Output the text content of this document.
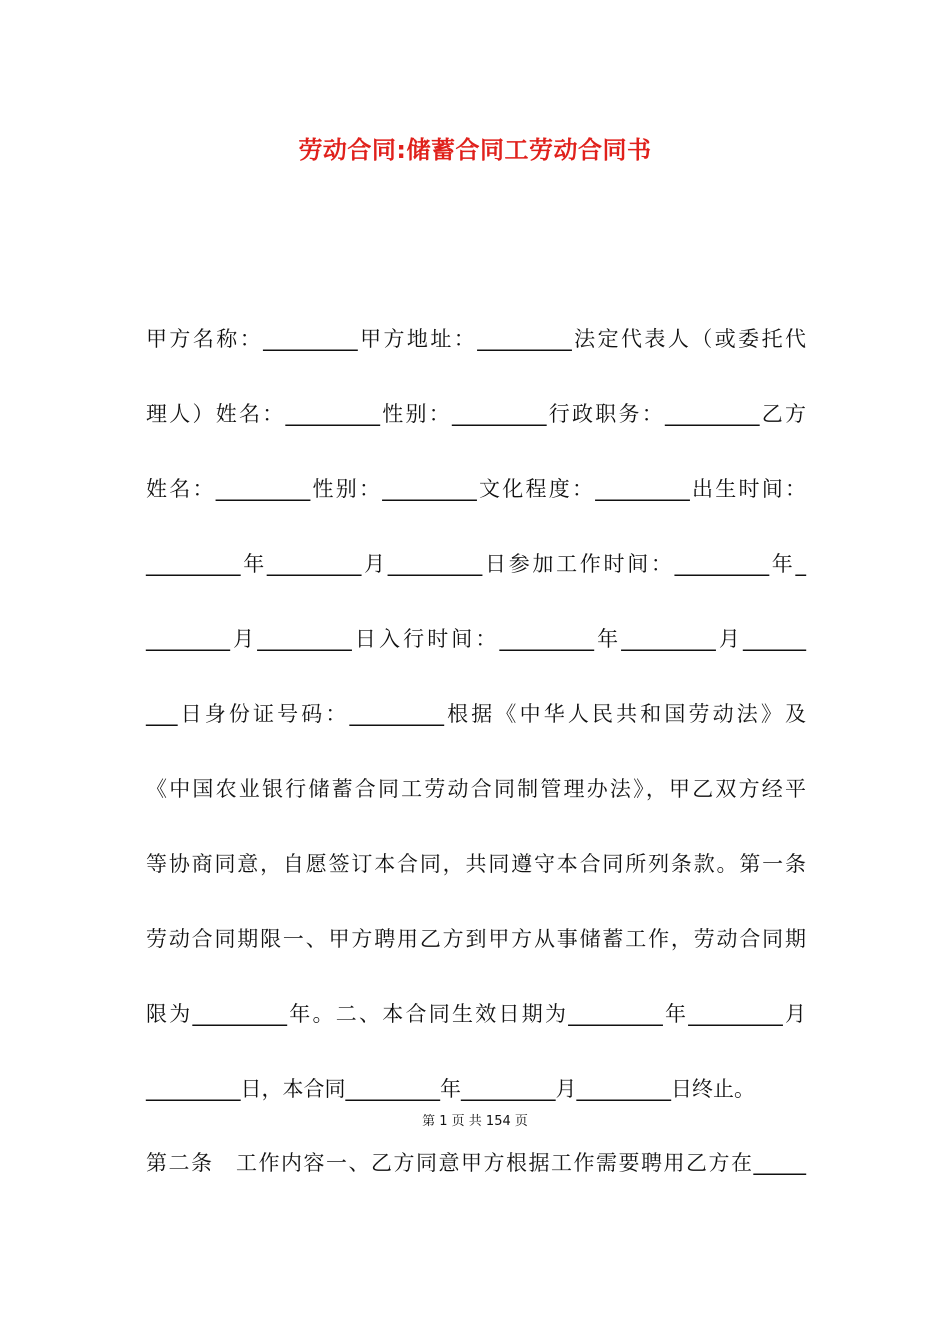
劳动合同:储蓄合同工劳动合同书
甲方名称：_________甲方地址：_________法定代表人（或委托代
理人）姓名：_________性别：_________行政职务：_________乙方
姓名：_________性别：_________文化程度：_________出生时间：
_________年_________月_________日参加工作时间：_________年_
________月_________日入行时间：_________年_________月______
___日身份证号码：_________根据《中华人民共和国劳动法》及
《中国农业银行储蓄合同工劳动合同制管理办法》，甲乙双方经平
等协商同意，自愿签订本合同，共同遵守本合同所列条款。第一条
劳动合同期限一、甲方聘用乙方到甲方从事储蓄工作，劳动合同期
限为_________年。二、本合同生效日期为_________年_________月
_________日，本合同_________年_________月_________日终止。
第 1 页 共 154 页
第二条　工作内容一、乙方同意甲方根据工作需要聘用乙方在_____
